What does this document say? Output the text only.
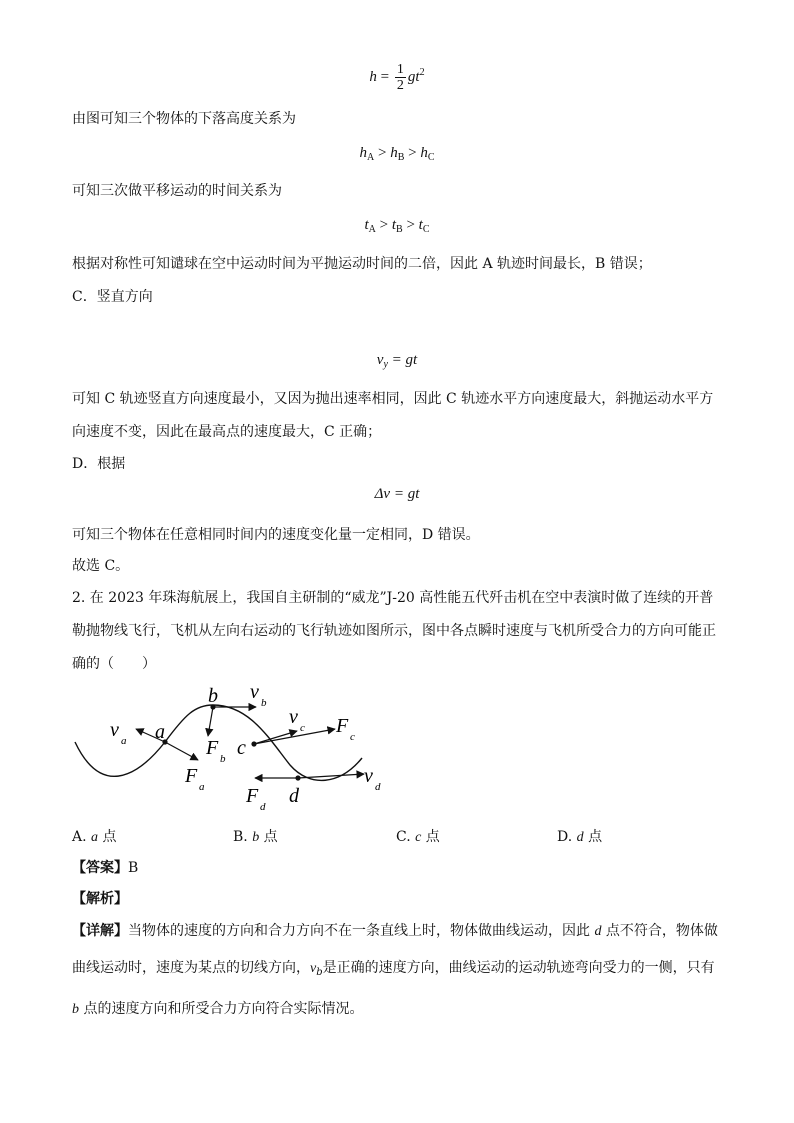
$h = \frac{1}{2} gt^2$
由图可知三个物体的下落高度关系为
$h_A > h_B > h_C$
可知三次做平移运动的时间关系为
$t_A > t_B > t_C$
根据对称性可知谴球在空中运动时间为平抛运动时间的二倍，因此 A 轨迹时间最长，B 错误；
C．竖直方向
$v_y$ = gt
可知 C 轨迹竖直方向速度最小，又因为抛出速率相同，因此 C 轨迹水平方向速度最大，斜抛运动水平方向速度不变，因此在最高点的速度最大，C 正确；
D．根据
Δv = gt
可知三个物体在任意相同时间内的速度变化量一定相同，D 错误。
故选 C。
2. 在 2023 年珠海航展上，我国自主研制的“威龙”J-20 高性能五代歼击机在空中表演时做了连续的开普勒抛物线飞行，飞机从左向右运动的飞行轨迹如图所示，图中各点瞬时速度与飞机所受合力的方向可能正确的（　　）
a
b
c
d
v a
v b
v c
v d
F a
F b
F c
F d
A. a 点	B. b 点	C. c 点	D. d 点
【答案】B
【解析】
【详解】当物体的速度的方向和合力方向不在一条直线上时，物体做曲线运动，因此 d 点不符合，物体做曲线运动时，速度为某点的切线方向，$v_b$是正确的速度方向，曲线运动的运动轨迹弯向受力的一侧，只有 b 点的速度方向和所受合力方向符合实际情况。
